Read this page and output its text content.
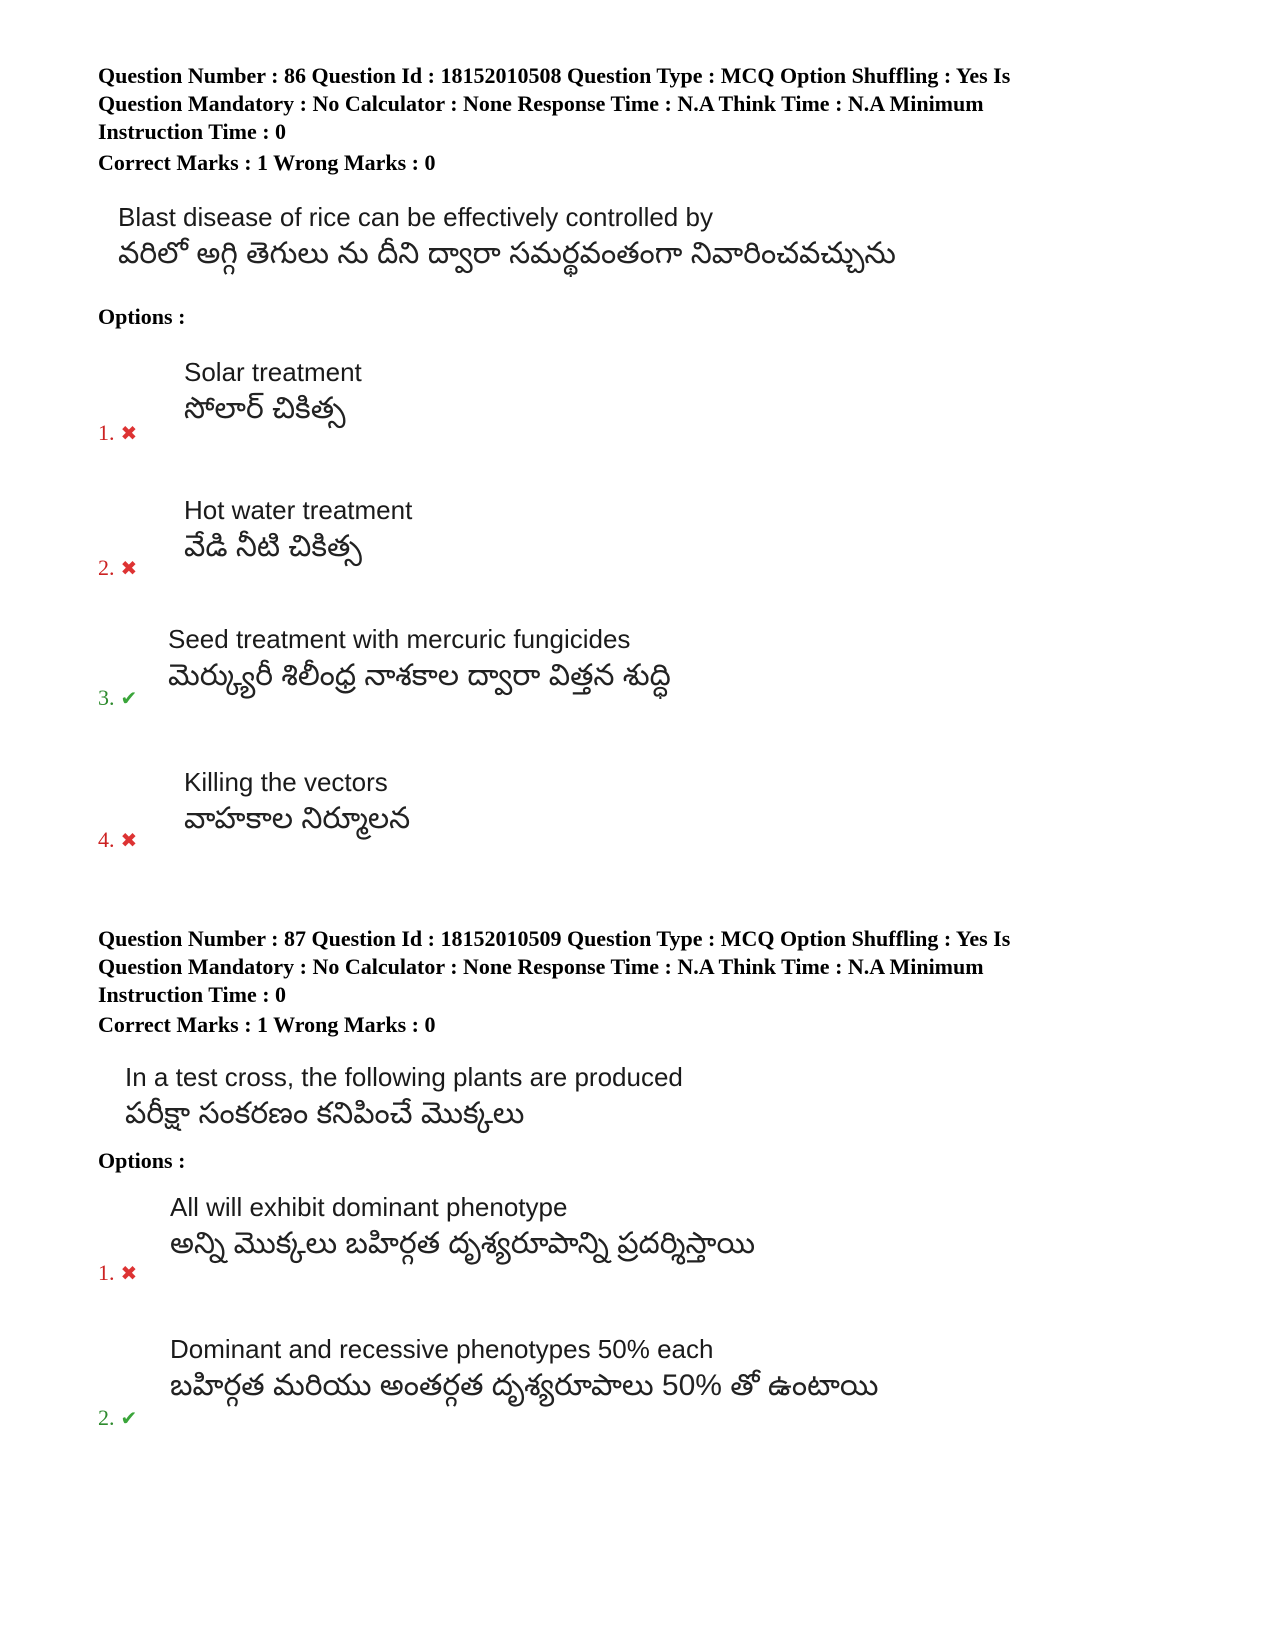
Question Number : 86 Question Id : 18152010508 Question Type : MCQ Option Shuffling : Yes Is
Question Mandatory : No Calculator : None Response Time : N.A Think Time : N.A Minimum
Instruction Time : 0
Correct Marks : 1 Wrong Marks : 0
Blast disease of rice can be effectively controlled by
వరిలో అగ్గి తెగులు ను దీని ద్వారా సమర్థవంతంగా నివారించవచ్చును
Options :
Solar treatment
సోలార్ చికిత్స
1. ✖
Hot water treatment
వేడి నీటి చికిత్స
2. ✖
Seed treatment with mercuric fungicides
మెర్క్యురీ శిలీంధ్ర నాశకాల ద్వారా విత్తన శుద్ధి
3. ✔
Killing the vectors
వాహకాల నిర్మూలన
4. ✖
Question Number : 87 Question Id : 18152010509 Question Type : MCQ Option Shuffling : Yes Is
Question Mandatory : No Calculator : None Response Time : N.A Think Time : N.A Minimum
Instruction Time : 0
Correct Marks : 1 Wrong Marks : 0
In a test cross, the following plants are produced
పరీక్షా సంకరణం కనిపించే మొక్కలు
Options :
All will exhibit dominant phenotype
అన్ని మొక్కలు బహిర్గత దృశ్యరూపాన్ని ప్రదర్శిస్తాయి
1. ✖
Dominant and recessive phenotypes 50% each
బహిర్గత మరియు అంతర్గత దృశ్యరూపాలు 50% తో ఉంటాయి
2. ✔
